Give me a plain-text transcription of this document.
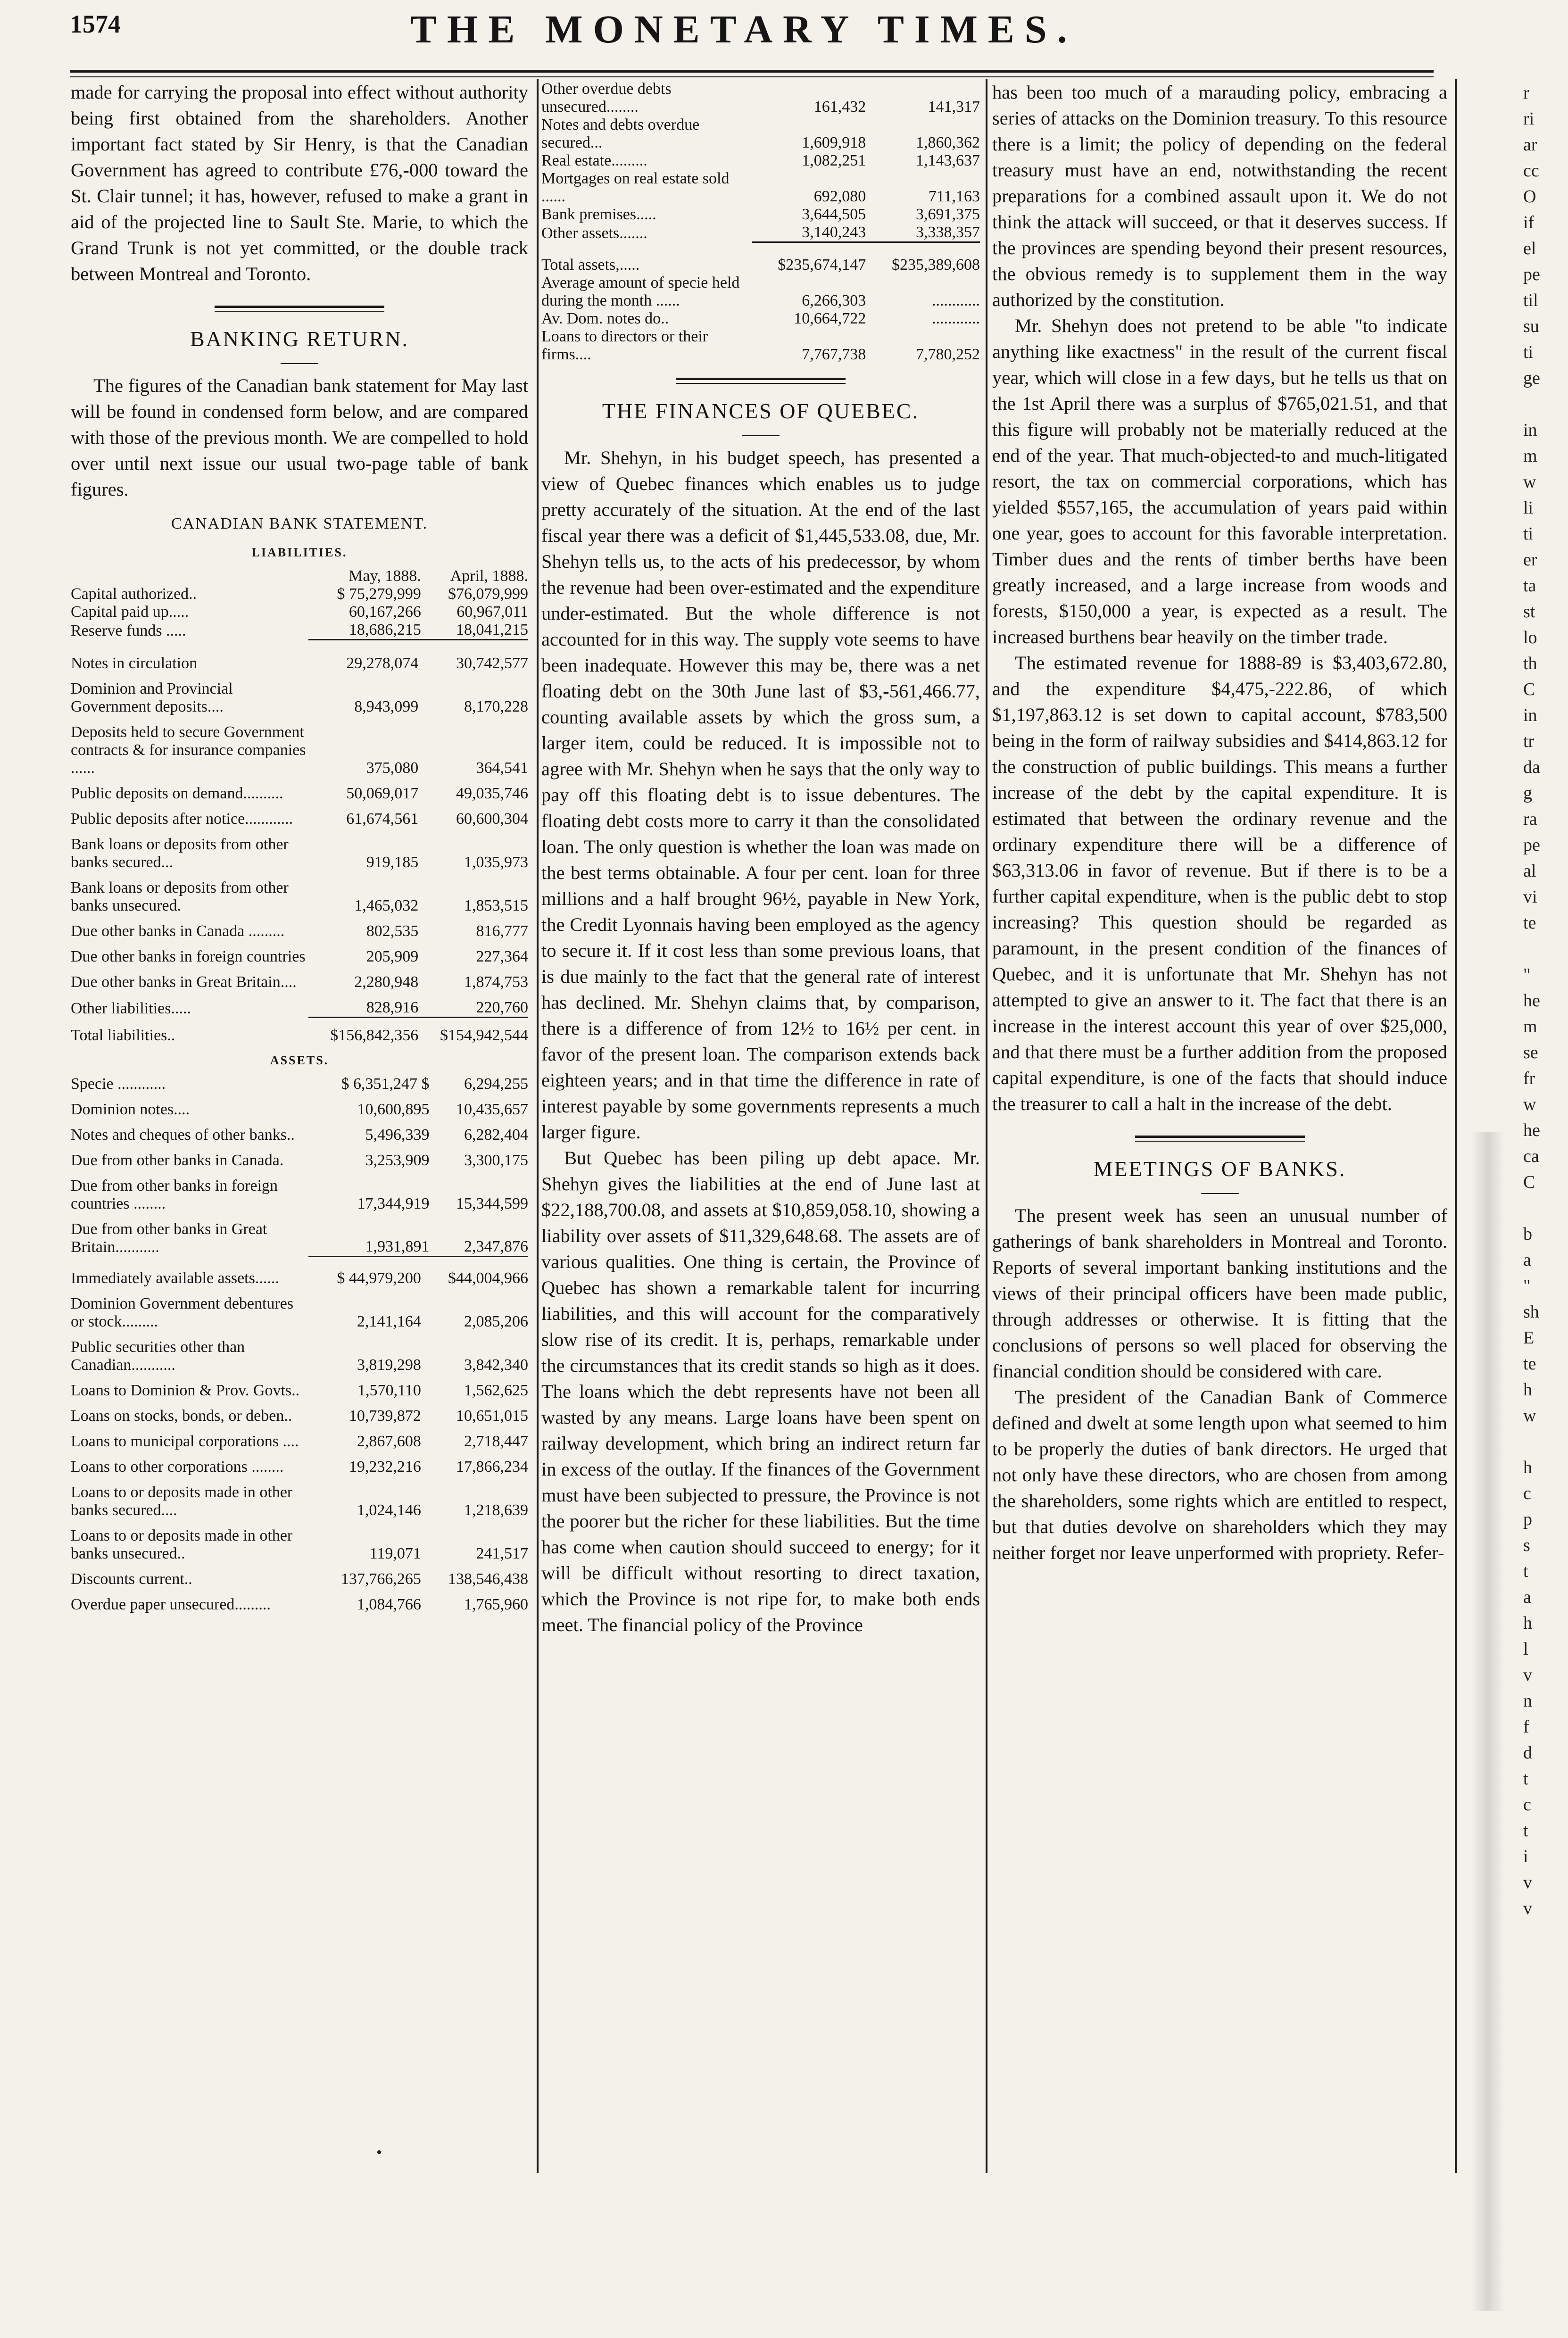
1574	THE MONETARY TIMES.

made for carrying the proposal into effect without authority being first obtained from the shareholders. Another important fact stated by Sir Henry, is that the Canadian Government has agreed to contribute £76,-000 toward the St. Clair tunnel; it has, however, refused to make a grant in aid of the projected line to Sault Ste. Marie, to which the Grand Trunk is not yet committed, or the double track between Montreal and Toronto.

BANKING RETURN.

The figures of the Canadian bank statement for May last will be found in condensed form below, and are compared with those of the previous month. We are compelled to hold over until next issue our usual two-page table of bank figures.

CANADIAN BANK STATEMENT.
LIABILITIES.
	May, 1888.	April, 1888.
Capital authorized..	$ 75,279,999	$76,079,999
Capital paid up.....	60,167,266	60,967,011
Reserve funds .....	18,686,215	18,041,215
Notes in circulation	29,278,074	30,742,577
Dominion and Provincial Government deposits....	8,943,099	8,170,228
Deposits held to secure Government contracts & for insurance companies ......	375,080	364,541
Public deposits on demand..........	50,069,017	49,035,746
Public deposits after notice............	61,674,561	60,600,304
Bank loans or deposits from other banks secured...	919,185	1,035,973
Bank loans or deposits from other banks unsecured.	1,465,032	1,853,515
Due other banks in Canada .........	802,535	816,777
Due other banks in foreign countries	205,909	227,364
Due other banks in Great Britain....	2,280,948	1,874,753
Other liabilities.....	828,916	220,760
Total liabilities..	$156,842,356	$154,942,544
ASSETS.
Specie ............	$ 6,351,247 $	6,294,255
Dominion notes....	10,600,895	10,435,657
Notes and cheques of other banks..	5,496,339	6,282,404
Due from other banks in Canada.	3,253,909	3,300,175
Due from other banks in foreign countries ........	17,344,919	15,344,599
Due from other banks in Great Britain...........	1,931,891	2,347,876
Immediately available assets......	$ 44,979,200	$44,004,966
Dominion Government debentures or stock.........	2,141,164	2,085,206
Public securities other than Canadian...........	3,819,298	3,842,340
Loans to Dominion & Prov. Govts..	1,570,110	1,562,625
Loans on stocks, bonds, or deben..	10,739,872	10,651,015
Loans to municipal corporations ....	2,867,608	2,718,447
Loans to other corporations ........	19,232,216	17,866,234
Loans to or deposits made in other banks secured....	1,024,146	1,218,639
Loans to or deposits made in other banks unsecured..	119,071	241,517
Discounts current..	137,766,265	138,546,438
Overdue paper unsecured.........	1,084,766	1,765,960
Other overdue debts unsecured........	161,432	141,317
Notes and debts overdue secured...	1,609,918	1,860,362
Real estate.........	1,082,251	1,143,637
Mortgages on real estate sold ......	692,080	711,163
Bank premises.....	3,644,505	3,691,375
Other assets.......	3,140,243	3,338,357
Total assets,.....	$235,674,147	$235,389,608
Average amount of specie held during the month ......	6,266,303	............
Av. Dom. notes do..	10,664,722	............
Loans to directors or their firms....	7,767,738	7,780,252
THE FINANCES OF QUEBEC.

Mr. Shehyn, in his budget speech, has presented a view of Quebec finances which enables us to judge pretty accurately of the situation. At the end of the last fiscal year there was a deficit of $1,445,533.08, due, Mr. Shehyn tells us, to the acts of his predecessor, by whom the revenue had been over-estimated and the expenditure under-estimated. But the whole difference is not accounted for in this way. The supply vote seems to have been inadequate. However this may be, there was a net floating debt on the 30th June last of $3,-561,466.77, counting available assets by which the gross sum, a larger item, could be reduced. It is impossible not to agree with Mr. Shehyn when he says that the only way to pay off this floating debt is to issue debentures. The floating debt costs more to carry it than the consolidated loan. The only question is whether the loan was made on the best terms obtainable. A four per cent. loan for three millions and a half brought 96½, payable in New York, the Credit Lyonnais having been employed as the agency to secure it. If it cost less than some previous loans, that is due mainly to the fact that the general rate of interest has declined. Mr. Shehyn claims that, by comparison, there is a difference of from 12½ to 16½ per cent. in favor of the present loan. The comparison extends back eighteen years; and in that time the difference in rate of interest payable by some governments represents a much larger figure.

But Quebec has been piling up debt apace. Mr. Shehyn gives the liabilities at the end of June last at $22,188,700.08, and assets at $10,859,058.10, showing a liability over assets of $11,329,648.68. The assets are of various qualities. One thing is certain, the Province of Quebec has shown a remarkable talent for incurring liabilities, and this will account for the comparatively slow rise of its credit. It is, perhaps, remarkable under the circumstances that its credit stands so high as it does. The loans which the debt represents have not been all wasted by any means. Large loans have been spent on railway development, which bring an indirect return far in excess of the outlay. If the finances of the Government must have been subjected to pressure, the Province is not the poorer but the richer for these liabilities. But the time has come when caution should succeed to energy; for it will be difficult without resorting to direct taxation, which the Province is not ripe for, to make both ends meet. The financial policy of the Province

has been too much of a marauding policy, embracing a series of attacks on the Dominion treasury. To this resource there is a limit; the policy of depending on the federal treasury must have an end, notwithstanding the recent preparations for a combined assault upon it. We do not think the attack will succeed, or that it deserves success. If the provinces are spending beyond their present resources, the obvious remedy is to supplement them in the way authorized by the constitution.

Mr. Shehyn does not pretend to be able "to indicate anything like exactness" in the result of the current fiscal year, which will close in a few days, but he tells us that on the 1st April there was a surplus of $765,021.51, and that this figure will probably not be materially reduced at the end of the year. That much-objected-to and much-litigated resort, the tax on commercial corporations, which has yielded $557,165, the accumulation of years paid within one year, goes to account for this favorable interpretation. Timber dues and the rents of timber berths have been greatly increased, and a large increase from woods and forests, $150,000 a year, is expected as a result. The increased burthens bear heavily on the timber trade.

The estimated revenue for 1888-89 is $3,403,672.80, and the expenditure $4,475,-222.86, of which $1,197,863.12 is set down to capital account, $783,500 being in the form of railway subsidies and $414,863.12 for the construction of public buildings. This means a further increase of the debt by the capital expenditure. It is estimated that between the ordinary revenue and the ordinary expenditure there will be a difference of $63,313.06 in favor of revenue. But if there is to be a further capital expenditure, when is the public debt to stop increasing? This question should be regarded as paramount, in the present condition of the finances of Quebec, and it is unfortunate that Mr. Shehyn has not attempted to give an answer to it. The fact that there is an increase in the interest account this year of over $25,000, and that there must be a further addition from the proposed capital expenditure, is one of the facts that should induce the treasurer to call a halt in the increase of the debt.

MEETINGS OF BANKS.

The present week has seen an unusual number of gatherings of bank shareholders in Montreal and Toronto. Reports of several important banking institutions and the views of their principal officers have been made public, through addresses or otherwise. It is fitting that the conclusions of persons so well placed for observing the financial condition should be considered with care.

The president of the Canadian Bank of Commerce defined and dwelt at some length upon what seemed to him to be properly the duties of bank directors. He urged that not only have these directors, who are chosen from among the shareholders, some rights which are entitled to respect, but that duties devolve on shareholders which they may neither forget nor leave unperformed with propriety. Refer-

r
ri
ar
cc
O
if
el
pe
til
su
ti
ge

in
m
w
li
ti
er
ta
st
lo
th
C
in
tr
da
g
ra
pe
al
vi
te

"
he
m
se
fr
w
he
ca
C

b
a
"
sh
E
te
h
w

h
c
p
s
t
a
h
l
v
n
f
d
t
c
t
i
v
v
